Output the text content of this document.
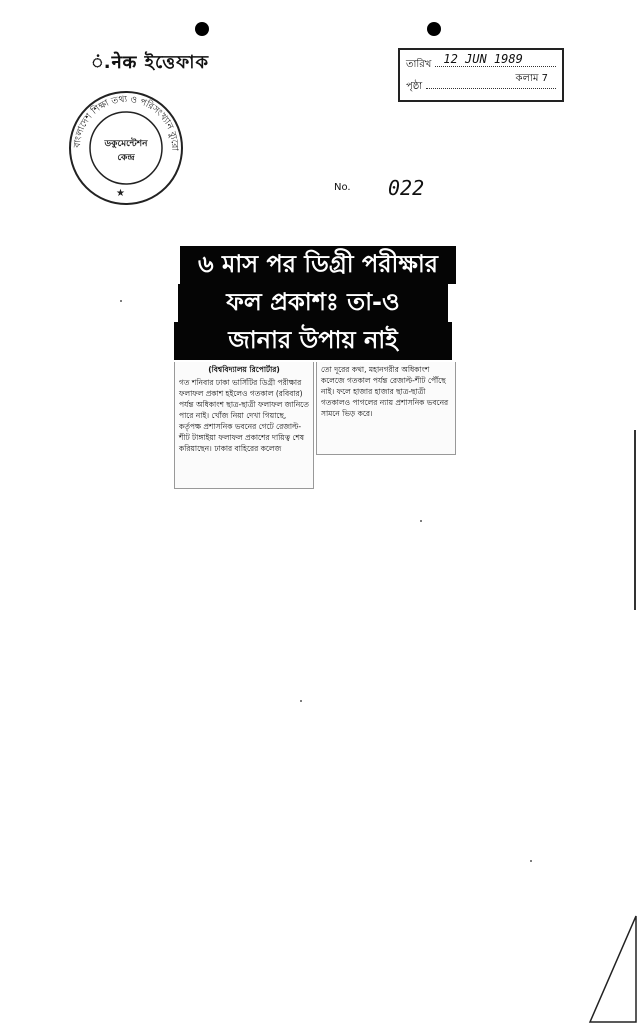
ं.नेक ইত্তেফাক	তারিখ 12 JUN 1989
পৃষ্ঠা
কলাম 7
বাংলাদেশ শিক্ষা তথ্য ও পরিসংখ্যান ব্যুরো
ডকুমেন্টেশন
কেন্দ্র
★
No. 022
৬ মাস পর ডিগ্রী পরীক্ষার
ফল প্রকাশঃ তা-ও
জানার উপায় নাই

(বিশ্ববিদ্যালয় রিপোর্টার)

গত শনিবার ঢাকা ভার্সিটির ডিগ্রী পরীক্ষার ফলাফল প্রকাশ হইলেও গতকাল (রবিবার) পর্যন্ত অধিকাংশ ছাত্র-ছাত্রী ফলাফল জানিতে পারে নাই। খোঁজ নিয়া দেখা গিয়াছে, কর্তৃপক্ষ প্রশাসনিক ভবনের গেটে রেজাল্ট-শীট টাঙ্গাইয়া ফলাফল প্রকাশের দায়িত্ব শেষ করিয়াছেন। ঢাকার বাহিরের কলেজ

তো দূরের কথা, মহানগরীর অধিকাংশ কলেজে গতকাল পর্যন্ত রেজাল্ট-শীট পৌঁছে নাই। ফলে হাজার হাজার ছাত্র-ছাত্রী গতকালও পাগলের ন্যায় প্রশাসনিক ভবনের সামনে ভিড় করে।
